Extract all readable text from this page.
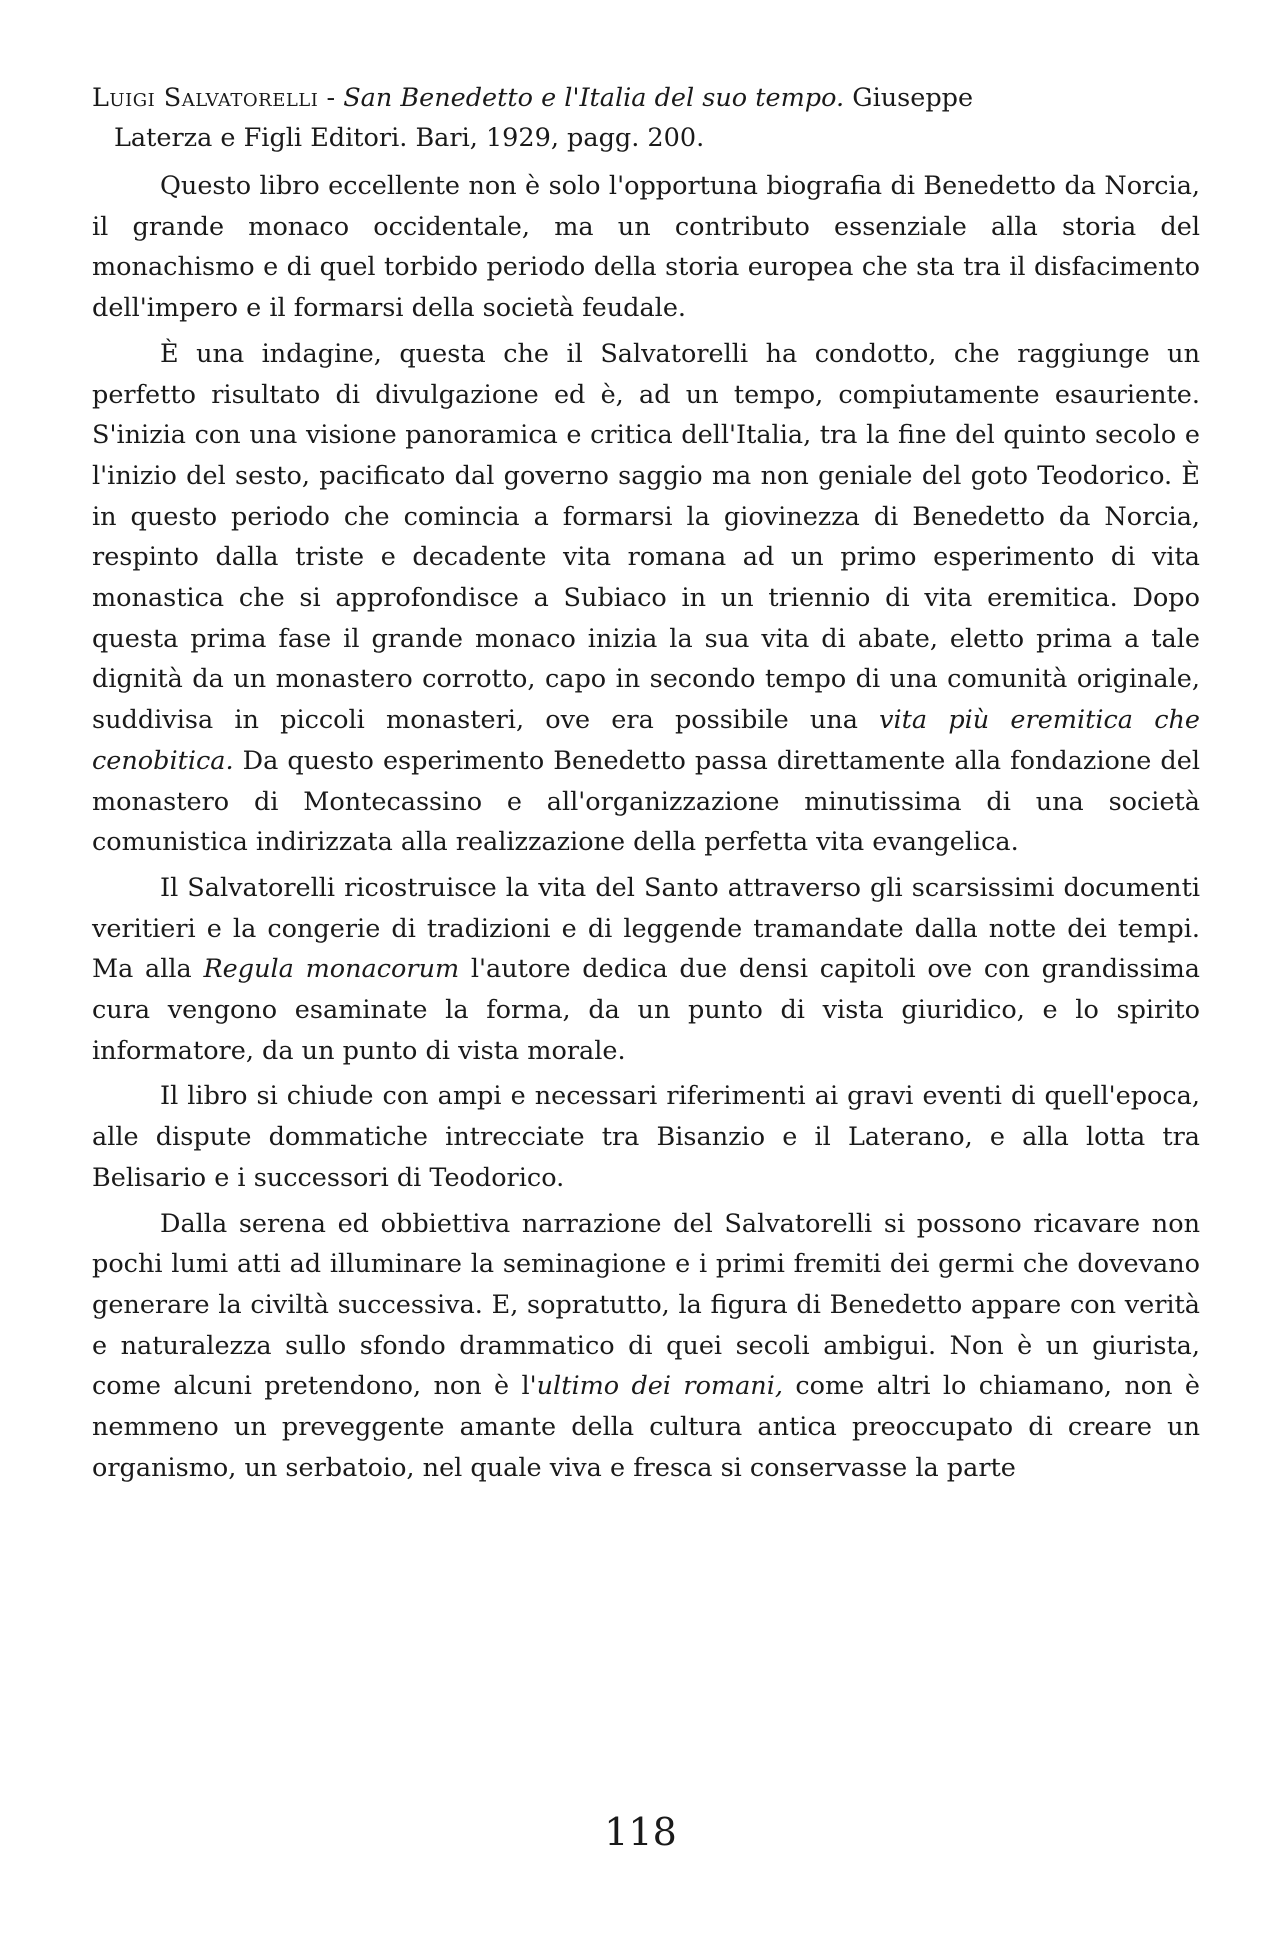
Luigi Salvatorelli - San Benedetto e l'Italia del suo tempo. Giuseppe
Laterza e Figli Editori. Bari, 1929, pagg. 200.

Questo libro eccellente non è solo l'opportuna biografia di Benedetto da Norcia, il grande monaco occidentale, ma un contributo essenziale alla storia del monachismo e di quel torbido periodo della storia europea che sta tra il disfacimento dell'impero e il formarsi della società feudale.

È una indagine, questa che il Salvatorelli ha condotto, che raggiunge un perfetto risultato di divulgazione ed è, ad un tempo, compiutamente esauriente. S'inizia con una visione panoramica e critica dell'Italia, tra la fine del quinto secolo e l'inizio del sesto, pacificato dal governo saggio ma non geniale del goto Teodorico. È in questo periodo che comincia a formarsi la giovinezza di Benedetto da Norcia, respinto dalla triste e decadente vita romana ad un primo esperimento di vita monastica che si approfondisce a Subiaco in un triennio di vita eremitica. Dopo questa prima fase il grande monaco inizia la sua vita di abate, eletto prima a tale dignità da un monastero corrotto, capo in secondo tempo di una comunità originale, suddivisa in piccoli monasteri, ove era possibile una vita più eremitica che cenobitica. Da questo esperimento Benedetto passa direttamente alla fondazione del monastero di Montecassino e all'organizzazione minutissima di una società comunistica indirizzata alla realizzazione della perfetta vita evangelica.

Il Salvatorelli ricostruisce la vita del Santo attraverso gli scarsissimi documenti veritieri e la congerie di tradizioni e di leggende tramandate dalla notte dei tempi. Ma alla Regula monacorum l'autore dedica due densi capitoli ove con grandissima cura vengono esaminate la forma, da un punto di vista giuridico, e lo spirito informatore, da un punto di vista morale.

Il libro si chiude con ampi e necessari riferimenti ai gravi eventi di quell'epoca, alle dispute dommatiche intrecciate tra Bisanzio e il Laterano, e alla lotta tra Belisario e i successori di Teodorico.

Dalla serena ed obbiettiva narrazione del Salvatorelli si possono ricavare non pochi lumi atti ad illuminare la seminagione e i primi fremiti dei germi che dovevano generare la civiltà successiva. E, sopratutto, la figura di Benedetto appare con verità e naturalezza sullo sfondo drammatico di quei secoli ambigui. Non è un giurista, come alcuni pretendono, non è l'ultimo dei romani, come altri lo chiamano, non è nemmeno un preveggente amante della cultura antica preoccupato di creare un organismo, un serbatoio, nel quale viva e fresca si conservasse la parte

118
